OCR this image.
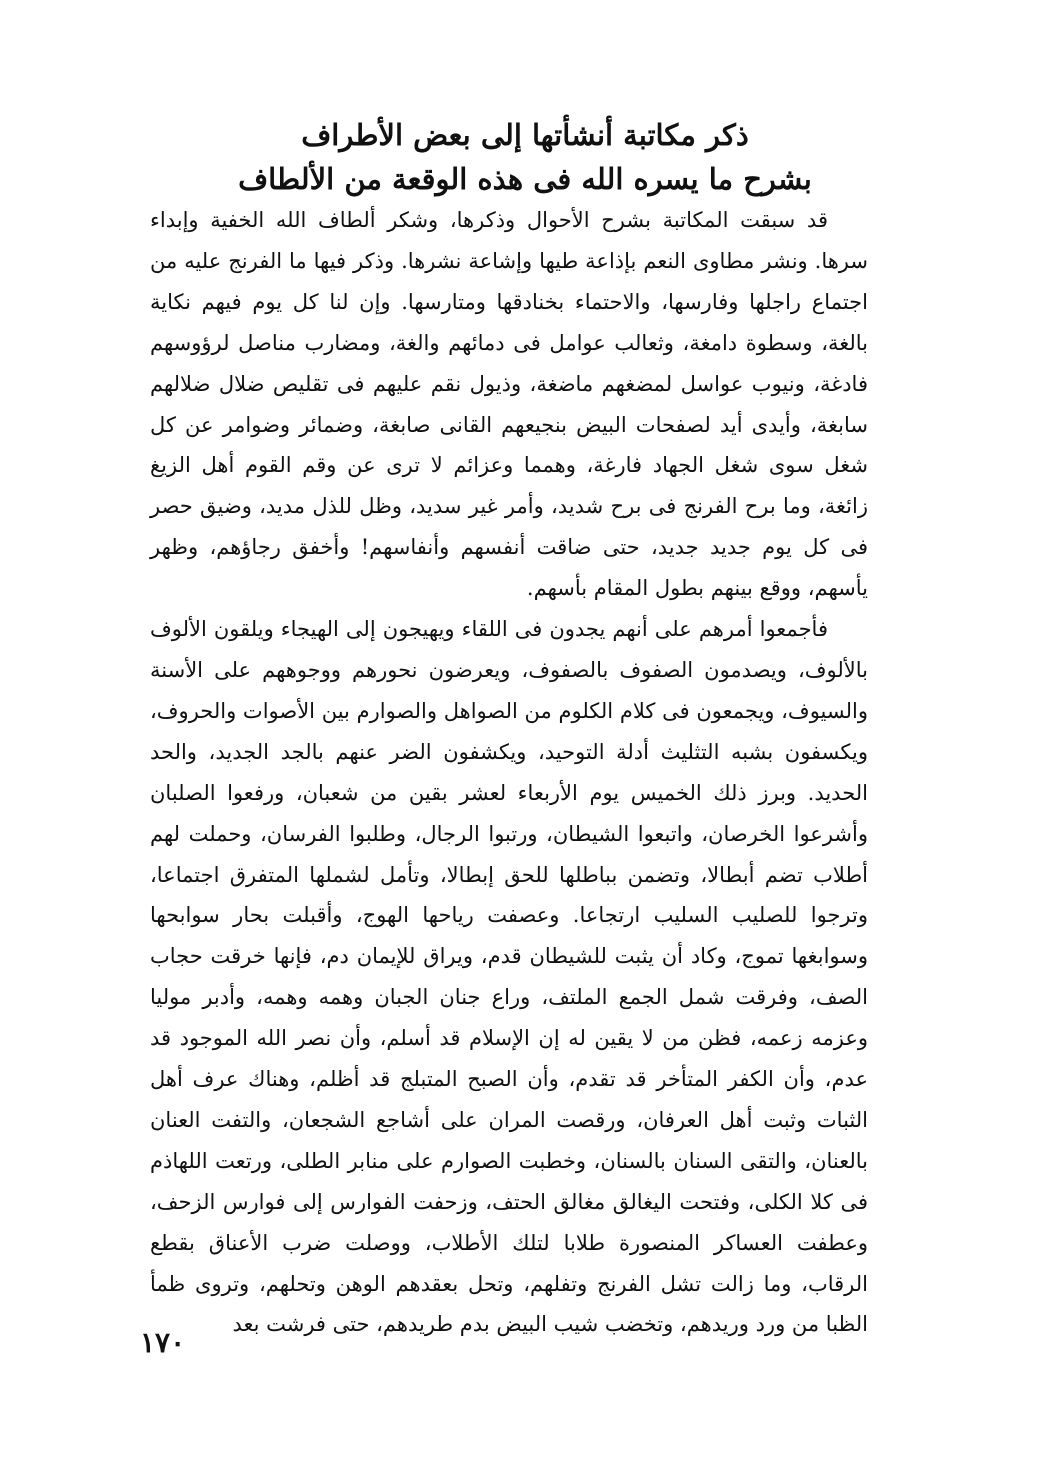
ذكر مكاتبة أنشأتها إلى بعض الأطراف
بشرح ما يسره الله فى هذه الوقعة من الألطاف

قد سبقت المكاتبة بشرح الأحوال وذكرها، وشكر ألطاف الله الخفية وإبداء سرها. ونشر مطاوى النعم بإذاعة طيها وإشاعة نشرها. وذكر فيها ما الفرنج عليه من اجتماع راجلها وفارسها، والاحتماء بخنادقها ومتارسها. وإن لنا كل يوم فيهم نكاية بالغة، وسطوة دامغة، وثعالب عوامل فى دمائهم والغة، ومضارب مناصل لرؤوسهم فادغة، ونيوب عواسل لمضغهم ماضغة، وذيول نقم عليهم فى تقليص ضلال ضلالهم سابغة، وأيدى أيد لصفحات البيض بنجيعهم القانى صابغة، وضمائر وضوامر عن كل شغل سوى شغل الجهاد فارغة، وهمما وعزائم لا ترى عن وقم القوم أهل الزيغ زائغة، وما برح الفرنج فى برح شديد، وأمر غير سديد، وظل للذل مديد، وضيق حصر فى كل يوم جديد جديد، حتى ضاقت أنفسهم وأنفاسهم! وأخفق رجاؤهم، وظهر يأسهم، ووقع بينهم بطول المقام بأسهم.

فأجمعوا أمرهم على أنهم يجدون فى اللقاء ويهيجون إلى الهيجاء ويلقون الألوف بالألوف، ويصدمون الصفوف بالصفوف، ويعرضون نحورهم ووجوههم على الأسنة والسيوف، ويجمعون فى كلام الكلوم من الصواهل والصوارم بين الأصوات والحروف، ويكسفون بشبه التثليث أدلة التوحيد، ويكشفون الضر عنهم بالجد الجديد، والحد الحديد. وبرز ذلك الخميس يوم الأربعاء لعشر بقين من شعبان، ورفعوا الصلبان وأشرعوا الخرصان، واتبعوا الشيطان، ورتبوا الرجال، وطلبوا الفرسان، وحملت لهم أطلاب تضم أبطالا، وتضمن بباطلها للحق إبطالا، وتأمل لشملها المتفرق اجتماعا، وترجوا للصليب السليب ارتجاعا. وعصفت رياحها الهوج، وأقبلت بحار سوابحها وسوابغها تموج، وكاد أن يثبت للشيطان قدم، ويراق للإيمان دم، فإنها خرقت حجاب الصف، وفرقت شمل الجمع الملتف، وراع جنان الجبان وهمه وهمه، وأدبر موليا وعزمه زعمه، فظن من لا يقين له إن الإسلام قد أسلم، وأن نصر الله الموجود قد عدم، وأن الكفر المتأخر قد تقدم، وأن الصبح المتبلج قد أظلم، وهناك عرف أهل الثبات وثبت أهل العرفان، ورقصت المران على أشاجع الشجعان، والتفت العنان بالعنان، والتقى السنان بالسنان، وخطبت الصوارم على منابر الطلى، ورتعت اللهاذم فى كلا الكلى، وفتحت اليغالق مغالق الحتف، وزحفت الفوارس إلى فوارس الزحف، وعطفت العساكر المنصورة طلابا لتلك الأطلاب، ووصلت ضرب الأعناق بقطع الرقاب، وما زالت تشل الفرنج وتفلهم، وتحل بعقدهم الوهن وتحلهم، وتروى ظمأ الظبا من ورد وريدهم، وتخضب شيب البيض بدم طريدهم، حتى فرشت بعد

١٧٠
